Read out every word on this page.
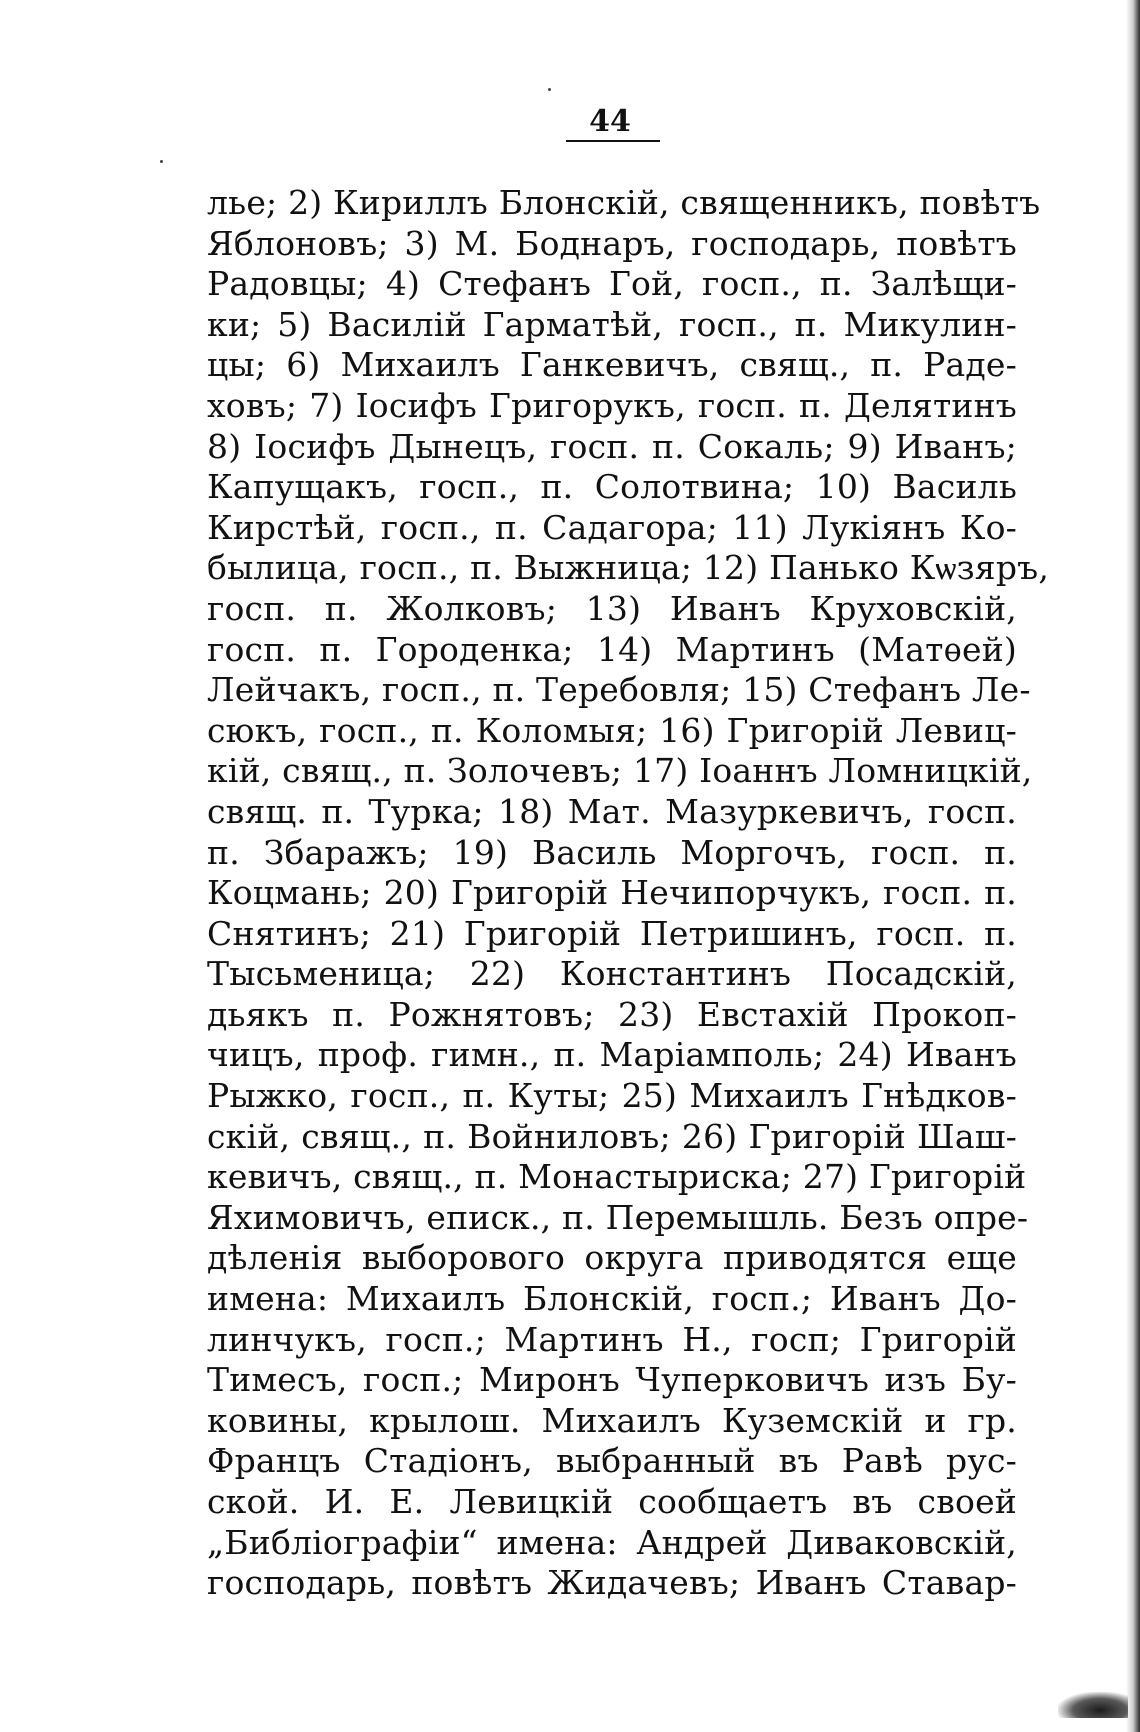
44
лье; 2) Кириллъ Блонскій, священникъ, повѣтъ
Яблоновъ; 3) М. Боднаръ, господарь, повѣтъ
Радовцы; 4) Стефанъ Гой, госп., п. Залѣщи-
ки; 5) Василій Гарматѣй, госп., п. Микулин-
цы; 6) Михаилъ Ганкевичъ, свящ., п. Раде-
ховъ; 7) Іосифъ Григорукъ, госп. п. Делятинъ
8) Іосифъ Дынецъ, госп. п. Сокаль; 9) Иванъ;
Капущакъ, госп., п. Солотвина; 10) Василь
Кирстѣй, госп., п. Садагора; 11) Лукіянъ Ко-
былица, госп., п. Выжница; 12) Панько Кѡзяръ,
госп. п. Жолковъ; 13) Иванъ Круховскій,
госп. п. Городенка; 14) Мартинъ (Матѳей)
Лейчакъ, госп., п. Теребовля; 15) Стефанъ Ле-
сюкъ, госп., п. Коломыя; 16) Григорій Левиц-
кій, свящ., п. Золочевъ; 17) Іоаннъ Ломницкій,
свящ. п. Турка; 18) Мат. Мазуркевичъ, госп.
п. Збаражъ; 19) Василь Моргочъ, госп. п.
Коцмань; 20) Григорій Нечипорчукъ, госп. п.
Снятинъ; 21) Григорій Петришинъ, госп. п.
Тысьменица; 22) Константинъ Посадскій,
дьякъ п. Рожнятовъ; 23) Евстахій Прокоп-
чицъ, проф. гимн., п. Маріамполь; 24) Иванъ
Рыжко, госп., п. Куты; 25) Михаилъ Гнѣдков-
скій, свящ., п. Войниловъ; 26) Григорій Шаш-
кевичъ, свящ., п. Монастыриска; 27) Григорій
Яхимовичъ, еписк., п. Перемышль. Безъ опре-
дѣленія выборового округа приводятся еще
имена: Михаилъ Блонскій, госп.; Иванъ До-
линчукъ, госп.; Мартинъ Н., госп; Григорій
Тимесъ, госп.; Миронъ Чуперковичъ изъ Бу-
ковины, крылош. Михаилъ Куземскій и гр.
Францъ Стадіонъ, выбранный въ Равѣ рус-
ской. И. Е. Левицкій сообщаетъ въ своей
„Библіографіи“ имена: Андрей Диваковскій,
господарь, повѣтъ Жидачевъ; Иванъ Ставар-
